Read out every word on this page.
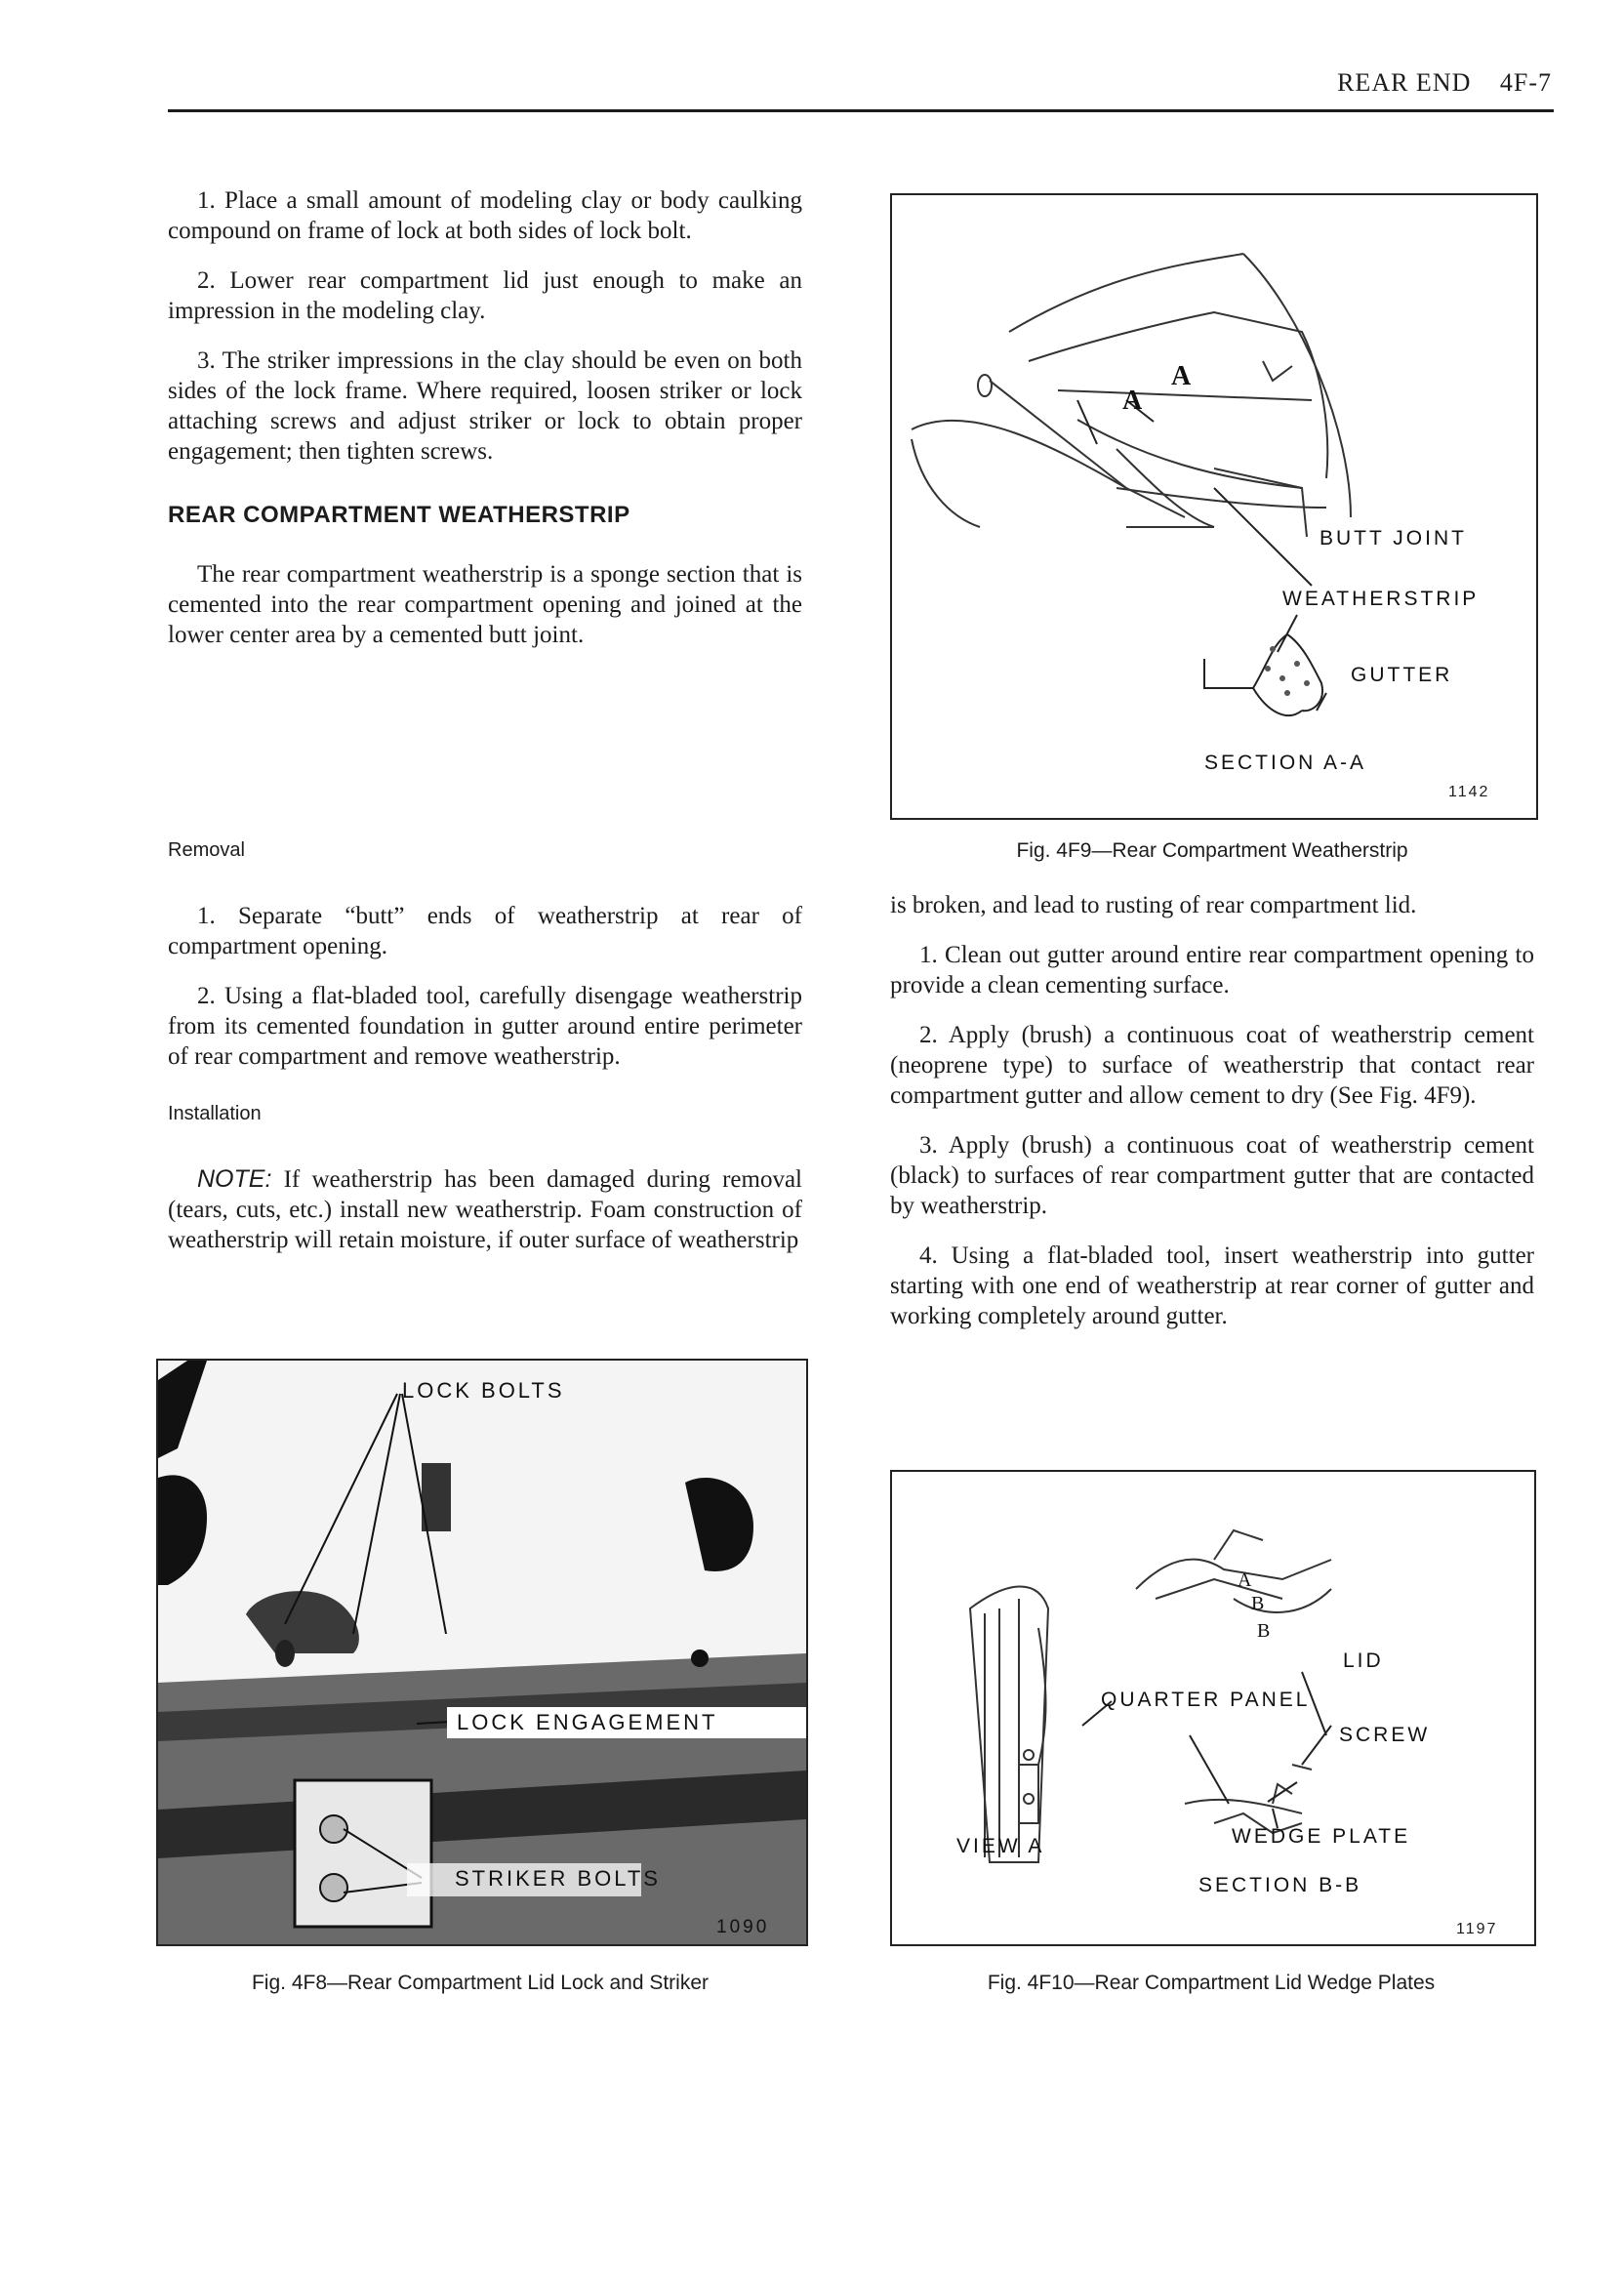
REAR END 4F-7

1. Place a small amount of modeling clay or body caulking compound on frame of lock at both sides of lock bolt.

2. Lower rear compartment lid just enough to make an impression in the modeling clay.

3. The striker impressions in the clay should be even on both sides of the lock frame. Where required, loosen striker or lock attaching screws and adjust striker or lock to obtain proper engagement; then tighten screws.

REAR COMPARTMENT WEATHERSTRIP

The rear compartment weatherstrip is a sponge section that is cemented into the rear compartment opening and joined at the lower center area by a cemented butt joint.

Removal

1. Separate “butt” ends of weatherstrip at rear of compartment opening.

2. Using a flat-bladed tool, carefully disengage weatherstrip from its cemented foundation in gutter around entire perimeter of rear compartment and remove weatherstrip.

Installation

NOTE: If weatherstrip has been damaged during removal (tears, cuts, etc.) install new weatherstrip. Foam construction of weatherstrip will retain moisture, if outer surface of weatherstrip

is broken, and lead to rusting of rear compartment lid.

1. Clean out gutter around entire rear compartment opening to provide a clean cementing surface.

2. Apply (brush) a continuous coat of weatherstrip cement (neoprene type) to surface of weatherstrip that contact rear compartment gutter and allow cement to dry (See Fig. 4F9).

3. Apply (brush) a continuous coat of weatherstrip cement (black) to surfaces of rear compartment gutter that are contacted by weatherstrip.

4. Using a flat-bladed tool, insert weatherstrip into gutter starting with one end of weatherstrip at rear corner of gutter and working completely around gutter.

A
A
BUTT JOINT
WEATHERSTRIP
GUTTER
SECTION A-A
1142
Fig. 4F9—Rear Compartment Weatherstrip
LOCK BOLTS
LOCK ENGAGEMENT
STRIKER BOLTS
1090
Fig. 4F8—Rear Compartment Lid Lock and Striker
A
B
B
LID
QUARTER PANEL
SCREW
VIEW A	WEDGE PLATE
SECTION B-B
1197
Fig. 4F10—Rear Compartment Lid Wedge Plates
